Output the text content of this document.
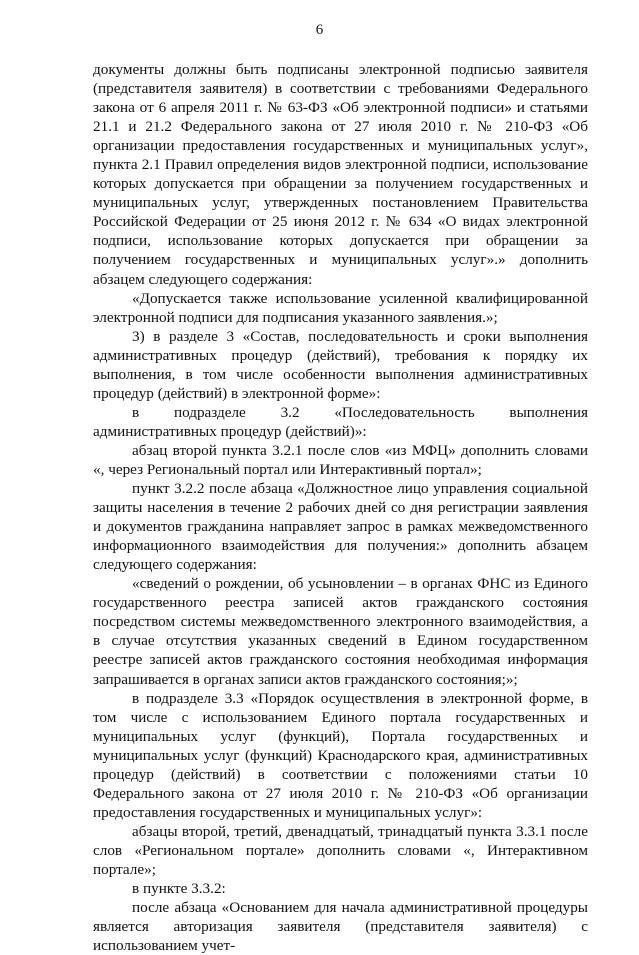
6

документы должны быть подписаны электронной подписью заявителя (представителя заявителя) в соответствии с требованиями Федерального закона от 6 апреля 2011 г. № 63-ФЗ «Об электронной подписи» и статьями 21.1 и 21.2 Федерального закона от 27 июля 2010 г. № 210-ФЗ «Об организации предоставления государственных и муниципальных услуг», пункта 2.1 Правил определения видов электронной подписи, использование которых допускается при обращении за получением государственных и муниципальных услуг, утвержденных постановлением Правительства Российской Федерации от 25 июня 2012 г. № 634 «О видах электронной подписи, использование которых допускается при обращении за получением государственных и муниципальных услуг».» дополнить абзацем следующего содержания:

«Допускается также использование усиленной квалифицированной электронной подписи для подписания указанного заявления.»;

3) в разделе 3 «Состав, последовательность и сроки выполнения административных процедур (действий), требования к порядку их выполнения, в том числе особенности выполнения административных процедур (действий) в электронной форме»:

в подразделе 3.2 «Последовательность выполнения административных процедур (действий)»:

абзац второй пункта 3.2.1 после слов «из МФЦ» дополнить словами «, через Региональный портал или Интерактивный портал»;

пункт 3.2.2 после абзаца «Должностное лицо управления социальной защиты населения в течение 2 рабочих дней со дня регистрации заявления и документов гражданина направляет запрос в рамках межведомственного информационного взаимодействия для получения:» дополнить абзацем следующего содержания:

«сведений о рождении, об усыновлении – в органах ФНС из Единого государственного реестра записей актов гражданского состояния посредством системы межведомственного электронного взаимодействия, а в случае отсутствия указанных сведений в Едином государственном реестре записей актов гражданского состояния необходимая информация запрашивается в органах записи актов гражданского состояния;»;

в подразделе 3.3 «Порядок осуществления в электронной форме, в том числе с использованием Единого портала государственных и муниципальных услуг (функций), Портала государственных и муниципальных услуг (функций) Краснодарского края, административных процедур (действий) в соответствии с положениями статьи 10 Федерального закона от 27 июля 2010 г. № 210-ФЗ «Об организации предоставления государственных и муниципальных услуг»:

абзацы второй, третий, двенадцатый, тринадцатый пункта 3.3.1 после слов «Региональном портале» дополнить словами «, Интерактивном портале»;

в пункте 3.3.2:

после абзаца «Основанием для начала административной процедуры является авторизация заявителя (представителя заявителя) с использованием учет-
